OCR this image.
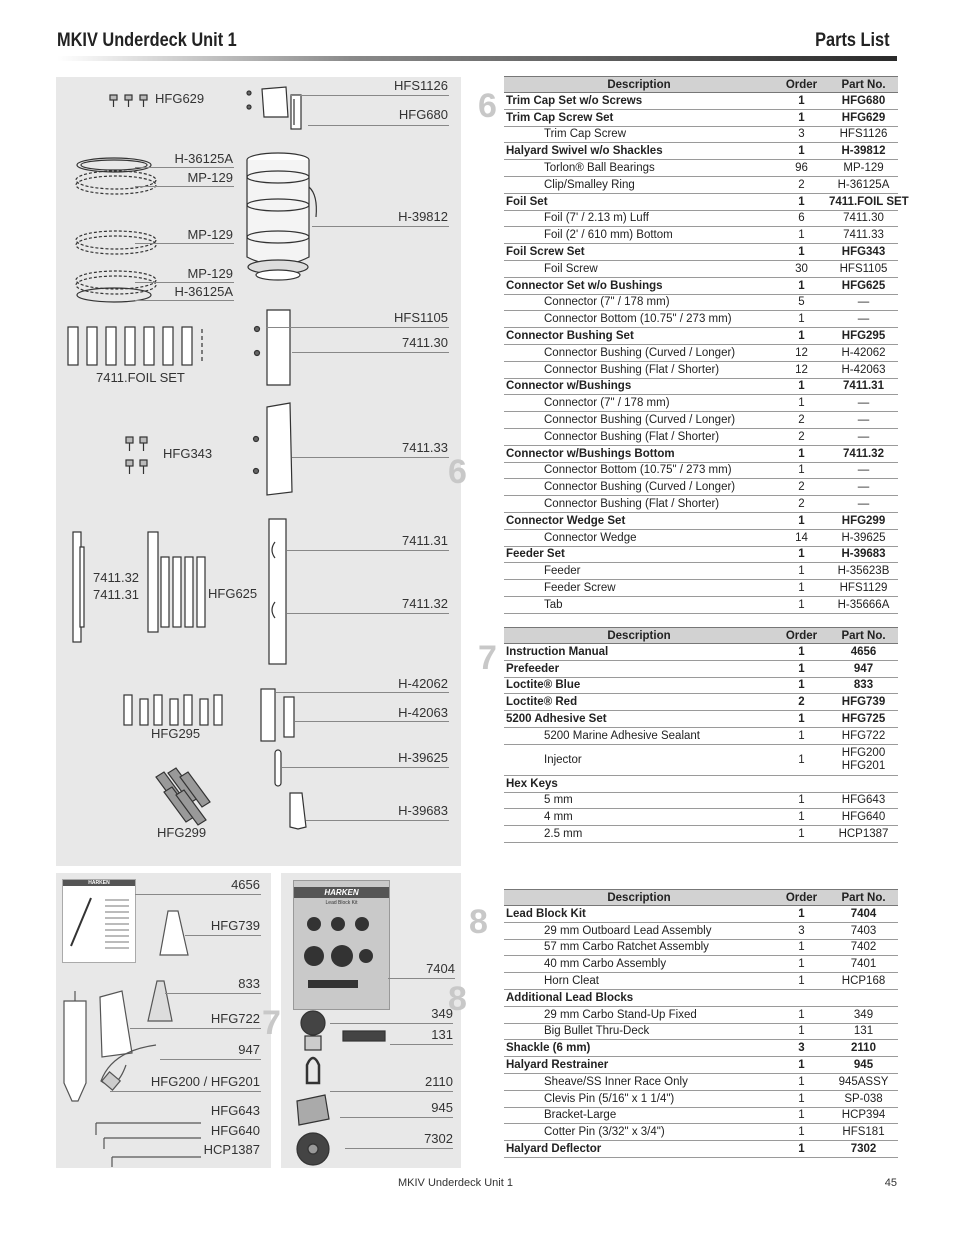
MKIV Underdeck Unit 1	Parts List
HFG629
HFS1126
HFG680
H-36125A
MP-129
H-39812
MP-129
MP-129
H-36125A
HFS1105
7411.30
7411.FOIL SET
HFG343	7411.33
7411.31
7411.32
7411.31	HFG625
7411.32
H-42062
H-42063
HFG295
H-39625
HFG299
H-39683
6
HARKEN	4656
HFG739
833
HFG722
947
HFG200 / HFG201
HFG643
HFG640
HCP1387
7
HARKEN
Lead Block Kit
7404
349
131
2110
945
7302
8
6
Description	Order	Part No.
Trim Cap Set w/o Screws	1	HFG680
Trim Cap Screw Set	1	HFG629
Trim Cap Screw	3	HFS1126
Halyard Swivel w/o Shackles	1	H-39812
Torlon® Ball Bearings	96	MP-129
Clip/Smalley Ring	2	H-36125A
Foil Set	1	7411.FOIL SET
Foil (7' / 2.13 m) Luff	6	7411.30
Foil (2' / 610 mm) Bottom	1	7411.33
Foil Screw Set	1	HFG343
Foil Screw	30	HFS1105
Connector Set w/o Bushings	1	HFG625
Connector (7" / 178 mm)	5	—
Connector Bottom (10.75" / 273 mm)	1	—
Connector Bushing Set	1	HFG295
Connector Bushing (Curved / Longer)	12	H-42062
Connector Bushing (Flat / Shorter)	12	H-42063
Connector w/Bushings	1	7411.31
Connector (7" / 178 mm)	1	—
Connector Bushing (Curved / Longer)	2	—
Connector Bushing (Flat / Shorter)	2	—
Connector w/Bushings Bottom	1	7411.32
Connector Bottom (10.75" / 273 mm)	1	—
Connector Bushing (Curved / Longer)	2	—
Connector Bushing (Flat / Shorter)	2	—
Connector Wedge Set	1	HFG299
Connector Wedge	14	H-39625
Feeder Set	1	H-39683
Feeder	1	H-35623B
Feeder Screw	1	HFS1129
Tab	1	H-35666A
7
Description	Order	Part No.
Instruction Manual	1	4656
Prefeeder	1	947
Loctite® Blue	1	833
Loctite® Red	2	HFG739
5200 Adhesive Set	1	HFG725
5200 Marine Adhesive Sealant	1	HFG722
Injector	1	HFG200
HFG201

Hex Keys		
5 mm	1	HFG643
4 mm	1	HFG640
2.5 mm	1	HCP1387
8
Description	Order	Part No.
Lead Block Kit	1	7404
29 mm Outboard Lead Assembly	3	7403
57 mm Carbo Ratchet Assembly	1	7402
40 mm Carbo Assembly	1	7401
Horn Cleat	1	HCP168
Additional Lead Blocks		
29 mm Carbo Stand-Up Fixed	1	349
Big Bullet Thru-Deck	1	131
Shackle (6 mm)	3	2110
Halyard Restrainer	1	945
Sheave/SS Inner Race Only	1	945ASSY
Clevis Pin (5/16" x 1 1/4")	1	SP-038
Bracket-Large	1	HCP394
Cotter Pin (3/32" x 3/4")	1	HFS181
Halyard Deflector	1	7302
MKIV Underdeck Unit 1	45
